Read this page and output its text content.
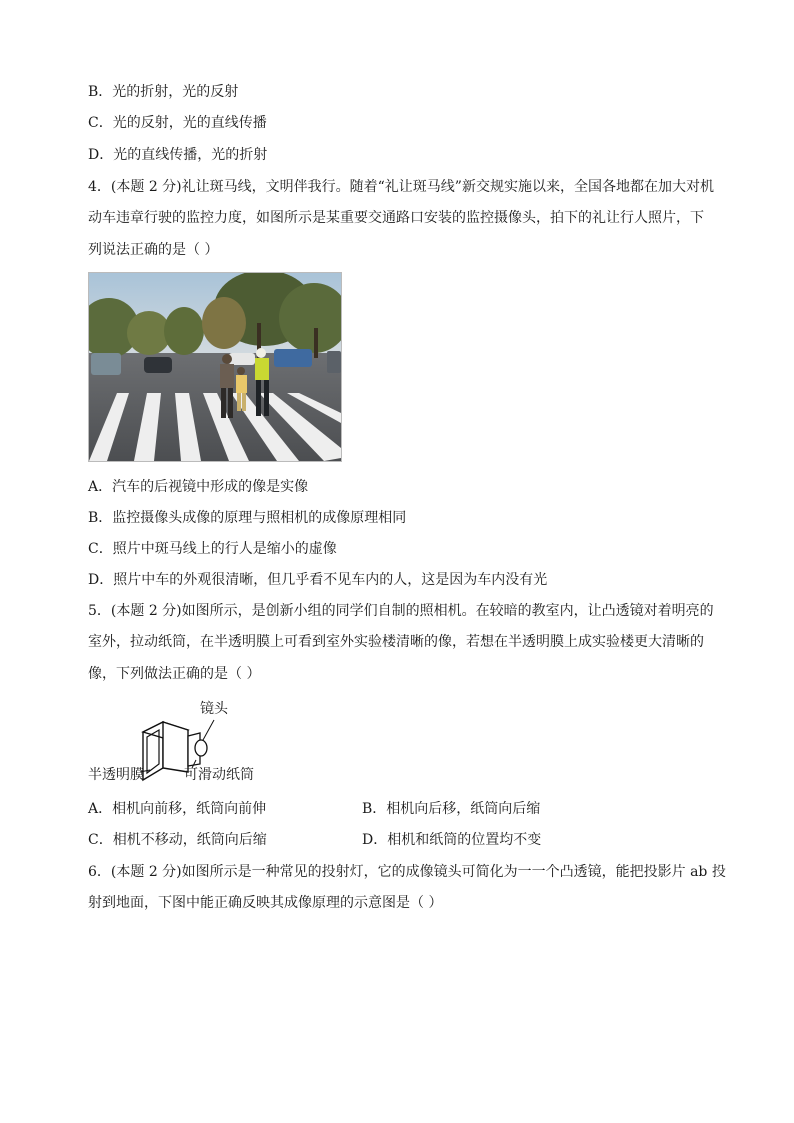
B．光的折射，光的反射
C．光的反射，光的直线传播
D．光的直线传播，光的折射
4．(本题 2 分)礼让斑马线，文明伴我行。随着“礼让斑马线”新交规实施以来，全国各地都在加大对机
动车违章行驶的监控力度，如图所示是某重要交通路口安装的监控摄像头，拍下的礼让行人照片，下
列说法正确的是（ ）
A．汽车的后视镜中形成的像是实像
B．监控摄像头成像的原理与照相机的成像原理相同
C．照片中斑马线上的行人是缩小的虚像
D．照片中车的外观很清晰，但几乎看不见车内的人，这是因为车内没有光
5．(本题 2 分)如图所示，是创新小组的同学们自制的照相机。在较暗的教室内，让凸透镜对着明亮的
室外，拉动纸筒，在半透明膜上可看到室外实验楼清晰的像，若想在半透明膜上成实验楼更大清晰的
像，下列做法正确的是（ ）
镜头
半透明膜	可滑动纸筒
A．相机向前移，纸筒向前伸	B．相机向后移，纸筒向后缩
C．相机不移动，纸筒向后缩	D．相机和纸筒的位置均不变
6．(本题 2 分)如图所示是一种常见的投射灯，它的成像镜头可简化为一一个凸透镜，能把投影片 ab 投
射到地面，下图中能正确反映其成像原理的示意图是（ ）
